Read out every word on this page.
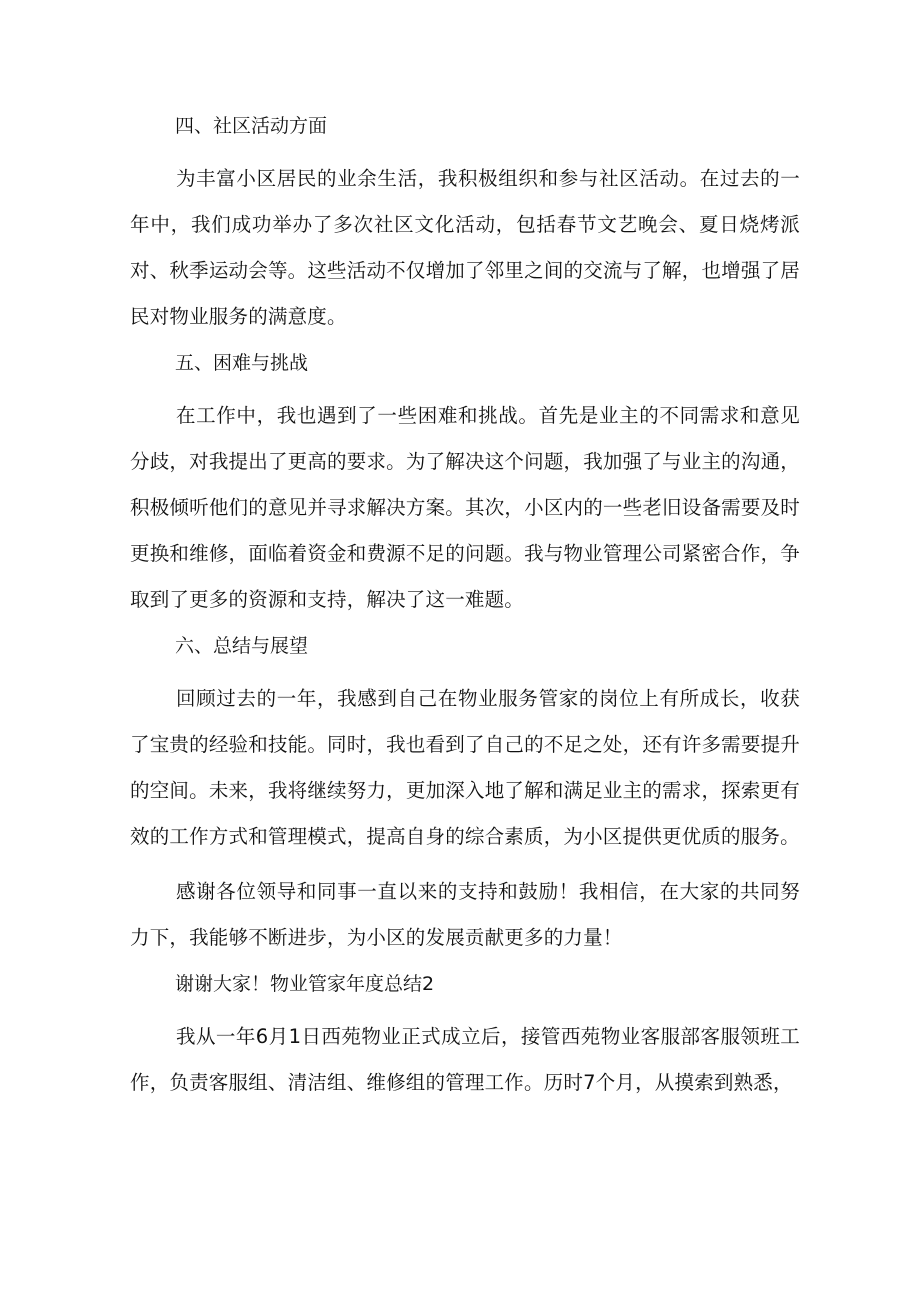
四、社区活动方面

为丰富小区居民的业余生活，我积极组织和参与社区活动。在过去的一年中，我们成功举办了多次社区文化活动，包括春节文艺晚会、夏日烧烤派对、秋季运动会等。这些活动不仅增加了邻里之间的交流与了解，也增强了居民对物业服务的满意度。

五、困难与挑战

在工作中，我也遇到了一些困难和挑战。首先是业主的不同需求和意见分歧，对我提出了更高的要求。为了解决这个问题，我加强了与业主的沟通，积极倾听他们的意见并寻求解决方案。其次，小区内的一些老旧设备需要及时更换和维修，面临着资金和费源不足的问题。我与物业管理公司紧密合作，争取到了更多的资源和支持，解决了这一难题。

六、总结与展望

回顾过去的一年，我感到自己在物业服务管家的岗位上有所成长，收获了宝贵的经验和技能。同时，我也看到了自己的不足之处，还有许多需要提升的空间。未来，我将继续努力，更加深入地了解和满足业主的需求，探索更有效的工作方式和管理模式，提高自身的综合素质，为小区提供更优质的服务。

感谢各位领导和同事一直以来的支持和鼓励！我相信，在大家的共同努力下，我能够不断进步，为小区的发展贡献更多的力量！

谢谢大家！物业管家年度总结2

我从一年6月1日西苑物业正式成立后，接管西苑物业客服部客服领班工作，负责客服组、清洁组、维修组的管理工作。历时7个月，从摸索到熟悉，
